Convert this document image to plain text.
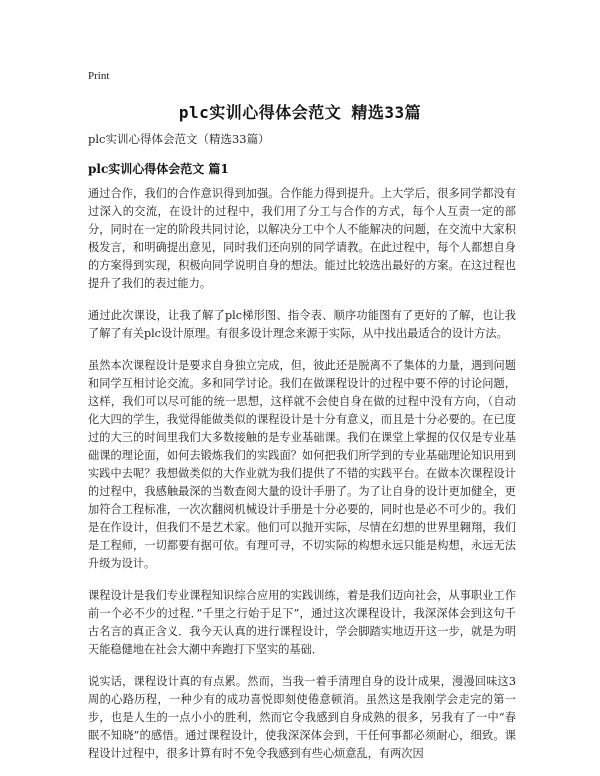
Print
plc实训心得体会范文 精选33篇
plc实训心得体会范文（精选33篇）
plc实训心得体会范文 篇1

通过合作，我们的合作意识得到加强。合作能力得到提升。上大学后，很多同学都没有过深入的交流，在设计的过程中，我们用了分工与合作的方式，每个人互责一定的部分，同时在一定的阶段共同讨论，以解决分工中个人不能解决的问题，在交流中大家积极发言，和明确提出意见，同时我们还向别的同学请教。在此过程中，每个人都想自身的方案得到实现，积极向同学说明自身的想法。能过比较选出最好的方案。在这过程也提升了我们的表过能力。

通过此次课设，让我了解了plc梯形图、指令表、顺序功能图有了更好的了解，也让我了解了有关plc设计原理。有很多设计理念来源于实际，从中找出最适合的设计方法。

虽然本次课程设计是要求自身独立完成，但，彼此还是脱离不了集体的力量，遇到问题和同学互相讨论交流。多和同学讨论。我们在做课程设计的过程中要不停的讨论问题，这样，我们可以尽可能的统一思想，这样就不会使自身在做的过程中没有方向，（自动化大四的学生，我觉得能做类似的课程设计是十分有意义，而且是十分必要的。在已度过的大三的时间里我们大多数接触的是专业基础课。我们在课堂上掌握的仅仅是专业基础课的理论面，如何去锻炼我们的实践面？如何把我们所学到的专业基础理论知识用到实践中去呢？我想做类似的大作业就为我们提供了不错的实践平台。在做本次课程设计的过程中，我感触最深的当数查阅大量的设计手册了。为了让自身的设计更加健全，更加符合工程标准，一次次翻阅机械设计手册是十分必要的，同时也是必不可少的。我们是在作设计，但我们不是艺术家。他们可以抛开实际，尽情在幻想的世界里翱翔，我们是工程师，一切都要有据可依。有理可寻，不切实际的构想永远只能是构想，永远无法升级为设计。

课程设计是我们专业课程知识综合应用的实践训练，着是我们迈向社会，从事职业工作前一个必不少的过程．”千里之行始于足下”，通过这次课程设计，我深深体会到这句千古名言的真正含义．我今天认真的进行课程设计，学会脚踏实地迈开这一步，就是为明天能稳健地在社会大潮中奔跑打下坚实的基础．

说实话，课程设计真的有点累。然而，当我一着手清理自身的设计成果，漫漫回味这3周的心路历程，一种少有的成功喜悦即刻使倦意顿消。虽然这是我刚学会走完的第一步，也是人生的一点小小的胜利，然而它令我感到自身成熟的很多，另我有了一中“春眠不知晓”的感悟。通过课程设计，使我深深体会到，干任何事都必须耐心，细致。课程设计过程中，很多计算有时不免令我感到有些心烦意乱，有两次因
